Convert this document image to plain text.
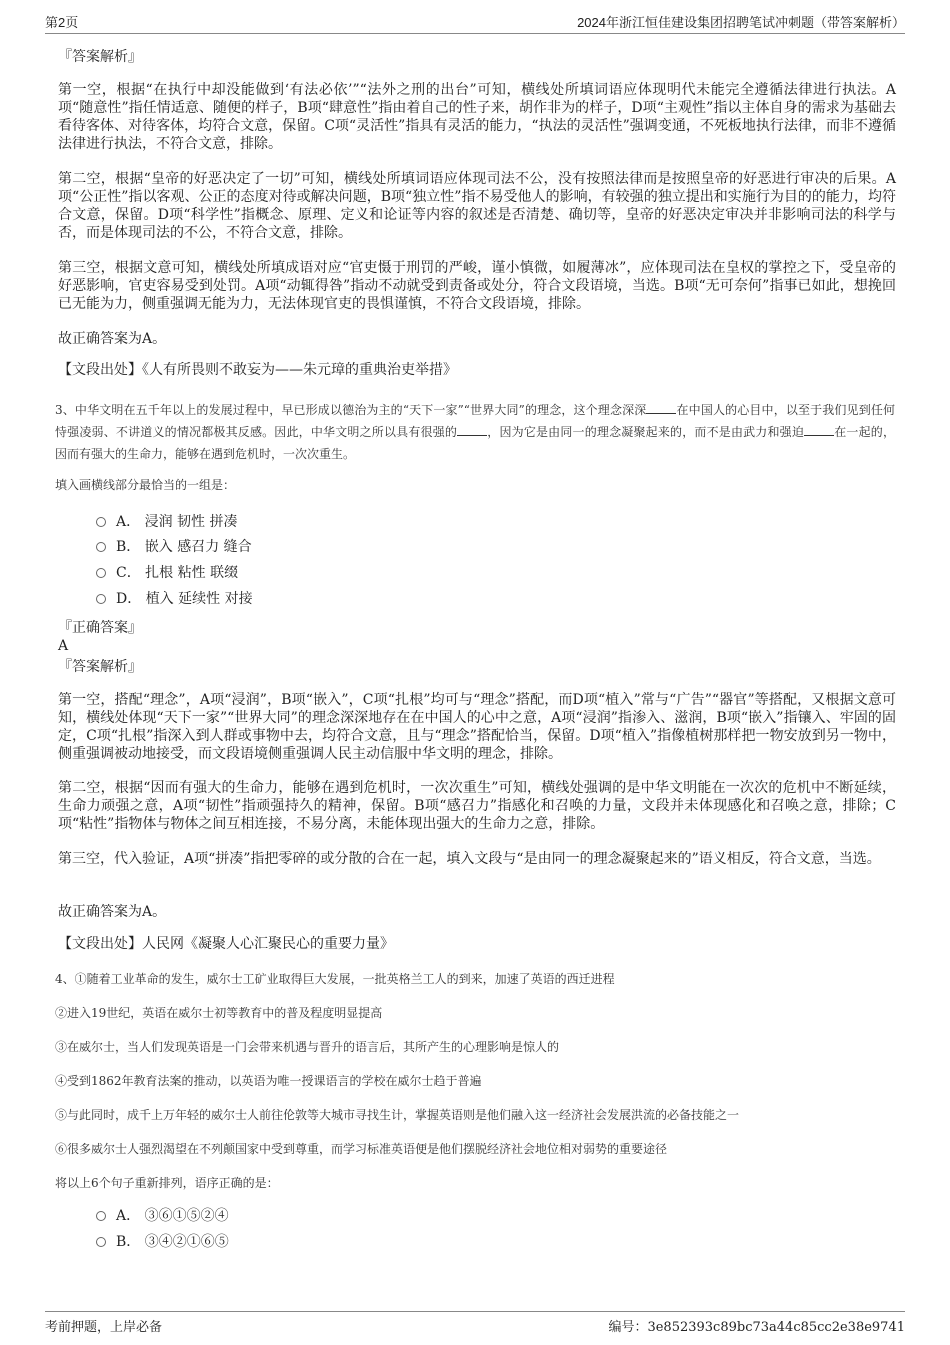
第2页	2024年浙江恒佳建设集团招聘笔试冲刺题（带答案解析）
『答案解析』
第一空，根据“在执行中却没能做到‘有法必依’”“法外之刑的出台”可知，横线处所填词语应体现明代未能完全遵循法律进行执法。A项“随意性”指任情适意、随便的样子，B项“肆意性”指由着自己的性子来，胡作非为的样子，D项“主观性”指以主体自身的需求为基础去看待客体、对待客体，均符合文意，保留。C项“灵活性”指具有灵活的能力，“执法的灵活性”强调变通，不死板地执行法律，而非不遵循法律进行执法，不符合文意，排除。
第二空，根据“皇帝的好恶决定了一切”可知，横线处所填词语应体现司法不公，没有按照法律而是按照皇帝的好恶进行审决的后果。A项“公正性”指以客观、公正的态度对待或解决问题，B项“独立性”指不易受他人的影响，有较强的独立提出和实施行为目的的能力，均符合文意，保留。D项“科学性”指概念、原理、定义和论证等内容的叙述是否清楚、确切等，皇帝的好恶决定审决并非影响司法的科学与否，而是体现司法的不公，不符合文意，排除。
第三空，根据文意可知，横线处所填成语对应“官吏慑于刑罚的严峻，谨小慎微，如履薄冰”，应体现司法在皇权的掌控之下，受皇帝的好恶影响，官吏容易受到处罚。A项“动辄得咎”指动不动就受到责备或处分，符合文段语境，当选。B项“无可奈何”指事已如此，想挽回已无能为力，侧重强调无能为力，无法体现官吏的畏惧谨慎，不符合文段语境，排除。
故正确答案为A。
【文段出处】《人有所畏则不敢妄为——朱元璋的重典治吏举措》
3、中华文明在五千年以上的发展过程中，早已形成以德治为主的“天下一家”“世界大同”的理念，这个理念深深	在中国人的心目中，以至于我们见到任何恃强凌弱、不讲道义的情况都极其反感。因此，中华文明之所以具有很强的	，因为它是由同一的理念凝聚起来的，而不是由武力和强迫	在一起的，因而有强大的生命力，能够在遇到危机时，一次次重生。
填入画横线部分最恰当的一组是：
A． 浸润 韧性 拼凑
B． 嵌入 感召力 缝合
C． 扎根 粘性 联缀
D． 植入 延续性 对接
『正确答案』
A
『答案解析』
第一空，搭配“理念”，A项“浸润”，B项“嵌入”，C项“扎根”均可与“理念”搭配，而D项“植入”常与“广告”“器官”等搭配，又根据文意可知，横线处体现“天下一家”“世界大同”的理念深深地存在在中国人的心中之意，A项“浸润”指渗入、滋润，B项“嵌入”指镶入、牢固的固定，C项“扎根”指深入到人群或事物中去，均符合文意，且与“理念”搭配恰当，保留。D项“植入”指像植树那样把一物安放到另一物中，侧重强调被动地接受，而文段语境侧重强调人民主动信服中华文明的理念，排除。
第二空，根据“因而有强大的生命力，能够在遇到危机时，一次次重生”可知，横线处强调的是中华文明能在一次次的危机中不断延续，生命力顽强之意，A项“韧性”指顽强持久的精神，保留。B项“感召力”指感化和召唤的力量，文段并未体现感化和召唤之意，排除；C项“粘性”指物体与物体之间互相连接，不易分离，未能体现出强大的生命力之意，排除。
第三空，代入验证，A项“拼凑”指把零碎的或分散的合在一起，填入文段与“是由同一的理念凝聚起来的”语义相反，符合文意，当选。
故正确答案为A。
【文段出处】人民网《凝聚人心汇聚民心的重要力量》
4、①随着工业革命的发生，威尔士工矿业取得巨大发展，一批英格兰工人的到来，加速了英语的西迁进程
②进入19世纪，英语在威尔士初等教育中的普及程度明显提高
③在威尔士，当人们发现英语是一门会带来机遇与晋升的语言后，其所产生的心理影响是惊人的
④受到1862年教育法案的推动，以英语为唯一授课语言的学校在威尔士趋于普遍
⑤与此同时，成千上万年轻的威尔士人前往伦敦等大城市寻找生计，掌握英语则是他们融入这一经济社会发展洪流的必备技能之一
⑥很多威尔士人强烈渴望在不列颠国家中受到尊重，而学习标准英语便是他们摆脱经济社会地位相对弱势的重要途径
将以上6个句子重新排列，语序正确的是：
A． ③⑥①⑤②④
B． ③④②①⑥⑤
考前押题，上岸必备	编号：3e852393c89bc73a44c85cc2e38e9741
